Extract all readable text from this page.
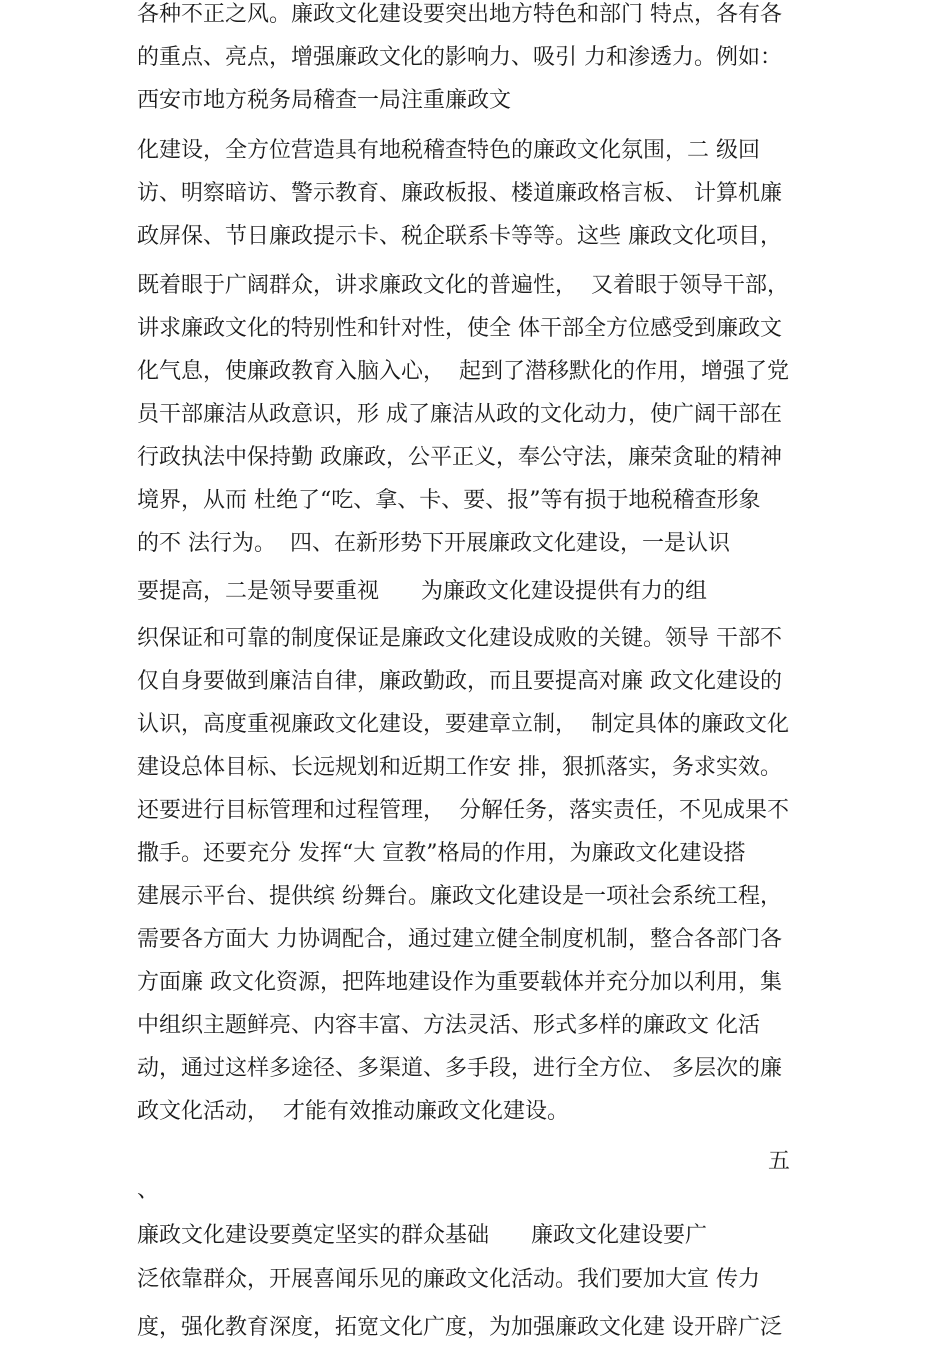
各种不正之风。廉政文化建设要突出地方特色和部门 特点，各有各
的重点、亮点，增强廉政文化的影响力、吸引 力和渗透力。例如：
西安市地方税务局稽查一局注重廉政文
化建设，全方位营造具有地税稽查特色的廉政文化氛围，二 级回
访、明察暗访、警示教育、廉政板报、楼道廉政格言板、 计算机廉
政屏保、节日廉政提示卡、税企联系卡等等。这些 廉政文化项目，
既着眼于广阔群众，讲求廉政文化的普遍性，  又着眼于领导干部，
讲求廉政文化的特别性和针对性，使全 体干部全方位感受到廉政文
化气息，使廉政教育入脑入心，  起到了潜移默化的作用，增强了党
员干部廉洁从政意识，形 成了廉洁从政的文化动力，使广阔干部在
行政执法中保持勤 政廉政，公平正义，奉公守法，廉荣贪耻的精神
境界，从而 杜绝了“吃、拿、卡、要、报”等有损于地税稽查形象
的不 法行为。  四、在新形势下开展廉政文化建设，一是认识
要提高，二是领导要重视      为廉政文化建设提供有力的组
织保证和可靠的制度保证是廉政文化建设成败的关键。领导 干部不
仅自身要做到廉洁自律，廉政勤政，而且要提高对廉 政文化建设的
认识，高度重视廉政文化建设，要建章立制，  制定具体的廉政文化
建设总体目标、长远规划和近期工作安 排，狠抓落实，务求实效。
还要进行目标管理和过程管理，  分解任务，落实责任，不见成果不
撒手。还要充分 发挥“大 宣教”格局的作用，为廉政文化建设搭
建展示平台、提供缤 纷舞台。廉政文化建设是一项社会系统工程，
需要各方面大 力协调配合，通过建立健全制度机制，整合各部门各
方面廉 政文化资源，把阵地建设作为重要载体并充分加以利用，集
中组织主题鲜亮、内容丰富、方法灵活、形式多样的廉政文 化活
动，通过这样多途径、多渠道、多手段，进行全方位、 多层次的廉
政文化活动，  才能有效推动廉政文化建设。
五
、
廉政文化建设要奠定坚实的群众基础      廉政文化建设要广
泛依靠群众，开展喜闻乐见的廉政文化活动。我们要加大宣 传力
度，强化教育深度，拓宽文化广度，为加强廉政文化建 设开辟广泛
